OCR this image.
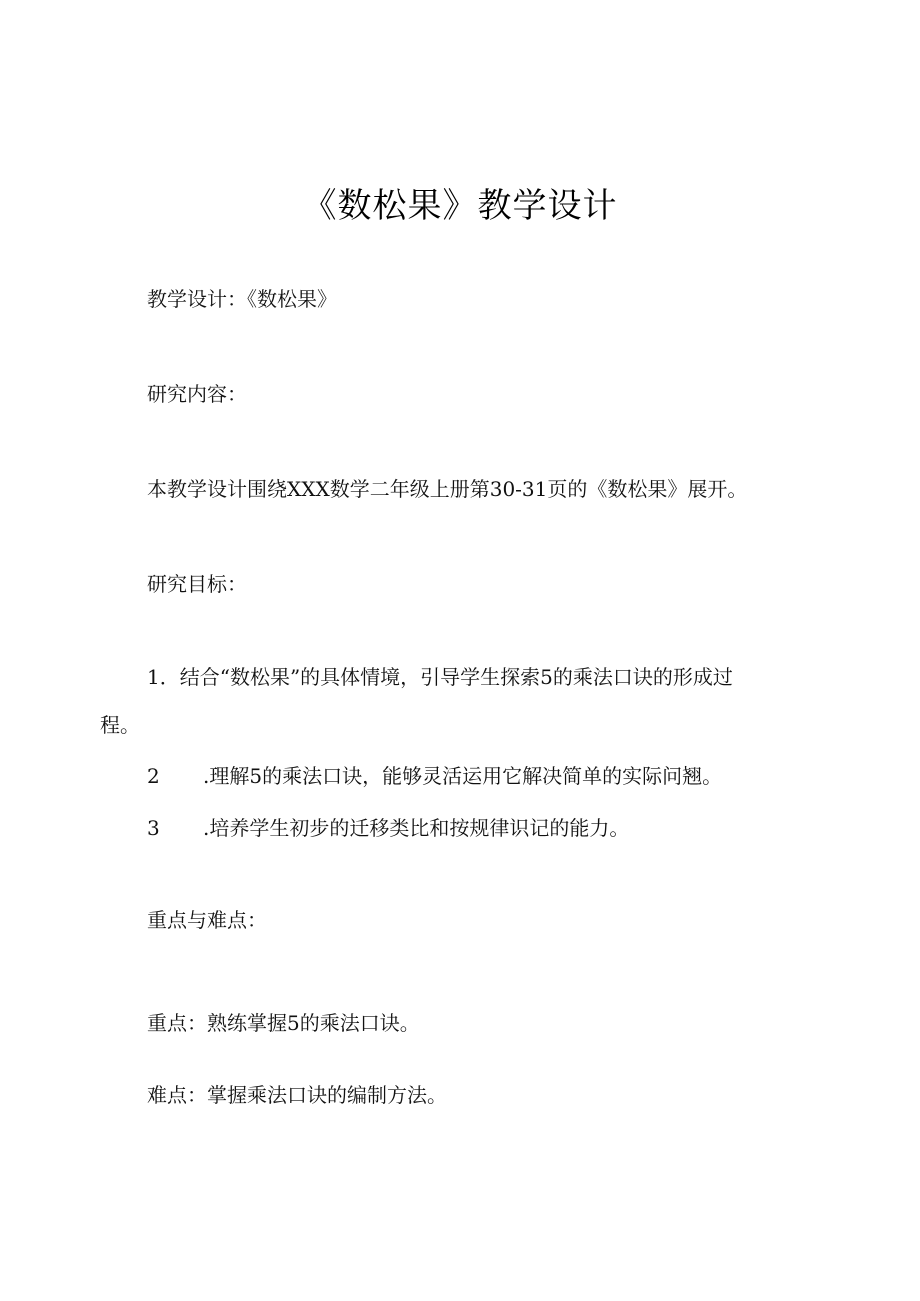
《数松果》教学设计
教学设计：《数松果》
研究内容：
本教学设计围绕XXX数学二年级上册第30-31页的《数松果》展开。
研究目标：
1．结合“数松果”的具体情境，引导学生探索5的乘法口诀的形成过
程。
2 .理解5的乘法口诀，能够灵活运用它解决简单的实际问翘。
3 .培养学生初步的迁移类比和按规律识记的能力。
重点与难点：
重点：熟练掌握5的乘法口诀。
难点：掌握乘法口诀的编制方法。
